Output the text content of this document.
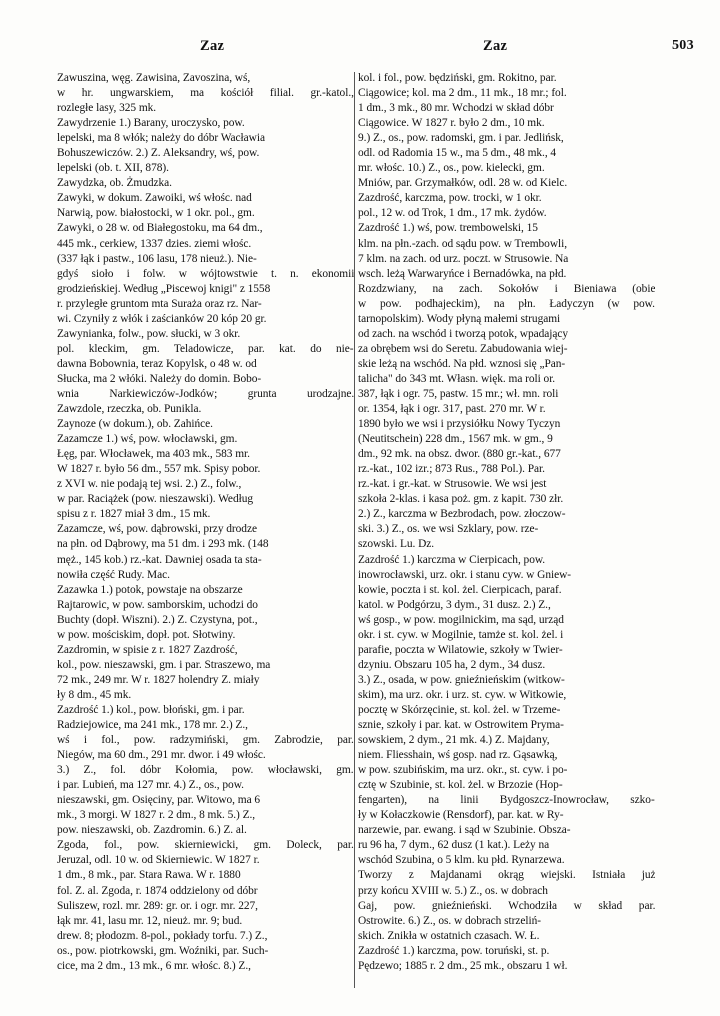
Zaz	Zaz	503
Zawuszina, węg. Zawisina, Zavoszina, wś,
w hr. ungwarskiem, ma kościół filial. gr.-katol.,
rozległe lasy, 325 mk.
Zawydrzenie 1.) Barany, uroczysko, pow.
lepelski, ma 8 włók; należy do dóbr Wacławia
Bohuszewiczów. 2.) Z. Aleksandry, wś, pow.
lepelski (ob. t. XII, 878).
Zawydzka, ob. Żmudzka.
Zawyki, w dokum. Zawoiki, wś włośc. nad
Narwią, pow. białostocki, w 1 okr. pol., gm.
Zawyki, o 28 w. od Białegostoku, ma 64 dm.,
445 mk., cerkiew, 1337 dzies. ziemi włośc.
(337 łąk i pastw., 106 lasu, 178 nieuż.). Nie-
gdyś sioło i folw. w wójtowstwie t. n. ekonomii
grodzieńskiej. Według „Piscewoj knigi" z 1558
r. przyległe gruntom mta Suraża oraz rz. Nar-
wi. Czyniły z włók i zaścianków 20 kóp 20 gr.
Zawynianka, folw., pow. słucki, w 3 okr.
pol. kleckim, gm. Teladowicze, par. kat. do nie-
dawna Bobownia, teraz Kopylsk, o 48 w. od
Słucka, ma 2 włóki. Należy do domin. Bobo-
wnia Narkiewiczów-Jodków; grunta urodzajne.
Zawzdole, rzeczka, ob. Punikla.
Zaynoze (w dokum.), ob. Zahińce.
Zazamcze 1.) wś, pow. włocławski, gm.
Łęg, par. Włocławek, ma 403 mk., 583 mr.
W 1827 r. było 56 dm., 557 mk. Spisy pobor.
z XVI w. nie podają tej wsi. 2.) Z., folw.,
w par. Raciążek (pow. nieszawski). Według
spisu z r. 1827 miał 3 dm., 15 mk.
Zazamcze, wś, pow. dąbrowski, przy drodze
na płn. od Dąbrowy, ma 51 dm. i 293 mk. (148
męż., 145 kob.) rz.-kat. Dawniej osada ta sta-
nowiła część Rudy. Mac.
Zazawka 1.) potok, powstaje na obszarze
Rajtarowic, w pow. samborskim, uchodzi do
Buchty (dopł. Wiszni). 2.) Z. Czystyna, pot.,
w pow. mościskim, dopł. pot. Słotwiny.
Zazdromin, w spisie z r. 1827 Zazdrość,
kol., pow. nieszawski, gm. i par. Straszewo, ma
72 mk., 249 mr. W r. 1827 holendry Z. miały
ły 8 dm., 45 mk.
Zazdrość 1.) kol., pow. błoński, gm. i par.
Radziejowice, ma 241 mk., 178 mr. 2.) Z.,
wś i fol., pow. radzymiński, gm. Zabrodzie, par.
Niegów, ma 60 dm., 291 mr. dwor. i 49 włośc.
3.) Z., fol. dóbr Kołomia, pow. włocławski, gm.
i par. Lubień, ma 127 mr. 4.) Z., os., pow.
nieszawski, gm. Osięciny, par. Witowo, ma 6
mk., 3 morgi. W 1827 r. 2 dm., 8 mk. 5.) Z.,
pow. nieszawski, ob. Zazdromin. 6.) Z. al.
Zgoda, fol., pow. skierniewicki, gm. Doleck, par.
Jeruzal, odl. 10 w. od Skierniewic. W 1827 r.
1 dm., 8 mk., par. Stara Rawa. W r. 1880
fol. Z. al. Zgoda, r. 1874 oddzielony od dóbr
Suliszew, rozl. mr. 289: gr. or. i ogr. mr. 227,
łąk mr. 41, lasu mr. 12, nieuż. mr. 9; bud.
drew. 8; płodozm. 8-pol., pokłady torfu. 7.) Z.,
os., pow. piotrkowski, gm. Woźniki, par. Such-
cice, ma 2 dm., 13 mk., 6 mr. włośc. 8.) Z.,
kol. i fol., pow. będziński, gm. Rokitno, par.
Ciągowice; kol. ma 2 dm., 11 mk., 18 mr.; fol.
1 dm., 3 mk., 80 mr. Wchodzi w skład dóbr
Ciągowice. W 1827 r. było 2 dm., 10 mk.
9.) Z., os., pow. radomski, gm. i par. Jedlińsk,
odl. od Radomia 15 w., ma 5 dm., 48 mk., 4
mr. włośc. 10.) Z., os., pow. kielecki, gm.
Mniów, par. Grzymałków, odl. 28 w. od Kielc.
Zazdrość, karczma, pow. trocki, w 1 okr.
pol., 12 w. od Trok, 1 dm., 17 mk. żydów.
Zazdrość 1.) wś, pow. trembowelski, 15
klm. na płn.-zach. od sądu pow. w Trembowli,
7 klm. na zach. od urz. poczt. w Strusowie. Na
wsch. leżą Warwaryńce i Bernadówka, na płd.
Rozdzwiany, na zach. Sokołów i Bieniawa (obie
w pow. podhajeckim), na płn. Ładyczyn (w pow.
tarnopolskim). Wody płyną małemi strugami
od zach. na wschód i tworzą potok, wpadający
za obrębem wsi do Seretu. Zabudowania wiej-
skie leżą na wschód. Na płd. wznosi się „Pan-
talicha" do 343 mt. Własn. więk. ma roli or.
387, łąk i ogr. 75, pastw. 15 mr.; wł. mn. roli
or. 1354, łąk i ogr. 317, past. 270 mr. W r.
1890 było we wsi i przysiółku Nowy Tyczyn
(Neutitschein) 228 dm., 1567 mk. w gm., 9
dm., 92 mk. na obsz. dwor. (880 gr.-kat., 677
rz.-kat., 102 izr.; 873 Rus., 788 Pol.). Par.
rz.-kat. i gr.-kat. w Strusowie. We wsi jest
szkoła 2-klas. i kasa poż. gm. z kapit. 730 złr.
2.) Z., karczma w Bezbrodach, pow. złoczow-
ski. 3.) Z., os. we wsi Szklary, pow. rze-
szowski. Lu. Dz.
Zazdrość 1.) karczma w Cierpicach, pow.
inowrocławski, urz. okr. i stanu cyw. w Gniew-
kowie, poczta i st. kol. żel. Cierpicach, paraf.
katol. w Podgórzu, 3 dym., 31 dusz. 2.) Z.,
wś gosp., w pow. mogilnickim, ma sąd, urząd
okr. i st. cyw. w Mogilnie, tamże st. kol. żel. i
parafie, poczta w Wilatowie, szkoły w Twier-
dzyniu. Obszaru 105 ha, 2 dym., 34 dusz.
3.) Z., osada, w pow. gnieźnieńskim (witkow-
skim), ma urz. okr. i urz. st. cyw. w Witkowie,
pocztę w Skórzęcinie, st. kol. żel. w Trzeme-
sznie, szkoły i par. kat. w Ostrowitem Pryma-
sowskiem, 2 dym., 21 mk. 4.) Z. Majdany,
niem. Fliesshain, wś gosp. nad rz. Gąsawką,
w pow. szubińskim, ma urz. okr., st. cyw. i po-
cztę w Szubinie, st. kol. żel. w Brzozie (Hop-
fengarten), na linii Bydgoszcz-Inowrocław, szko-
ły w Kołaczkowie (Rensdorf), par. kat. w Ry-
narzewie, par. ewang. i sąd w Szubinie. Obsza-
ru 96 ha, 7 dym., 62 dusz (1 kat.). Leży na
wschód Szubina, o 5 klm. ku płd. Rynarzewa.
Tworzy z Majdanami okrąg wiejski. Istniała już
przy końcu XVIII w. 5.) Z., os. w dobrach
Gaj, pow. gnieźnieński. Wchodziła w skład par.
Ostrowite. 6.) Z., os. w dobrach strzeliń-
skich. Znikła w ostatnich czasach. W. Ł.
Zazdrość 1.) karczma, pow. toruński, st. p.
Pędzewo; 1885 r. 2 dm., 25 mk., obszaru 1 wł.
